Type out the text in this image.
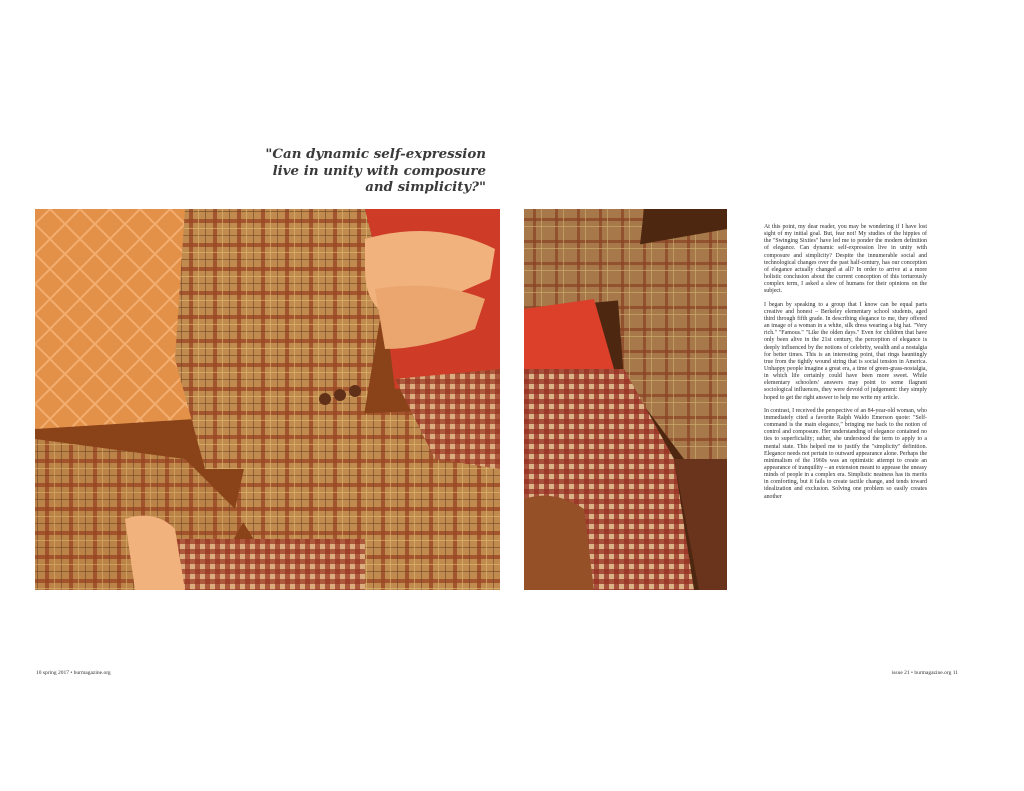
"Can dynamic self-expression
live in unity with composure
and simplicity?"

At this point, my dear reader, you may be wondering if I have lost sight of my initial goal. But, fear not! My studies of the hippies of the "Swinging Sixties" have led me to ponder the modern definition of elegance. Can dynamic self-expression live in unity with composure and simplicity? Despite the innumerable social and technological changes over the past half-century, has our conception of elegance actually changed at all? In order to arrive at a more holistic conclusion about the current conception of this torturously complex term, I asked a slew of humans for their opinions on the subject.

I began by speaking to a group that I know can be equal parts creative and honest – Berkeley elementary school students, aged third through fifth grade. In describing elegance to me, they offered an image of a woman in a white, silk dress wearing a big hat. "Very rich." "Famous." "Like the olden days." Even for children that have only been alive in the 21st century, the perception of elegance is deeply influenced by the notions of celebrity, wealth and a nostalgia for better times. This is an interesting point, that rings hauntingly true from the tightly wound string that is social tension in America. Unhappy people imagine a great era, a time of green-grass-nostalgia, in which life certainly could have been more sweet. While elementary schoolers' answers may point to some flagrant sociological influences, they were devoid of judgement: they simply hoped to get the right answer to help me write my article.

In contrast, I received the perspective of an 84-year-old woman, who immediately cited a favorite Ralph Waldo Emerson quote: "Self-command is the main elegance," bringing me back to the notion of control and composure. Her understanding of elegance contained no ties to superficiality; rather, she understood the term to apply to a mental state. This helped me to justify the "simplicity" definition. Elegance needs not pertain to outward appearance alone. Perhaps the minimalism of the 1960s was an optimistic attempt to create an appearance of tranquility – an extension meant to appease the uneasy minds of people in a complex era. Simplistic neatness has its merits in comforting, but it fails to create tactile change, and tends toward idealization and exclusion. Solving one problem so easily creates another

10 spring 2017 • burmagazine.org	issue 21 • burmagazine.org 11
